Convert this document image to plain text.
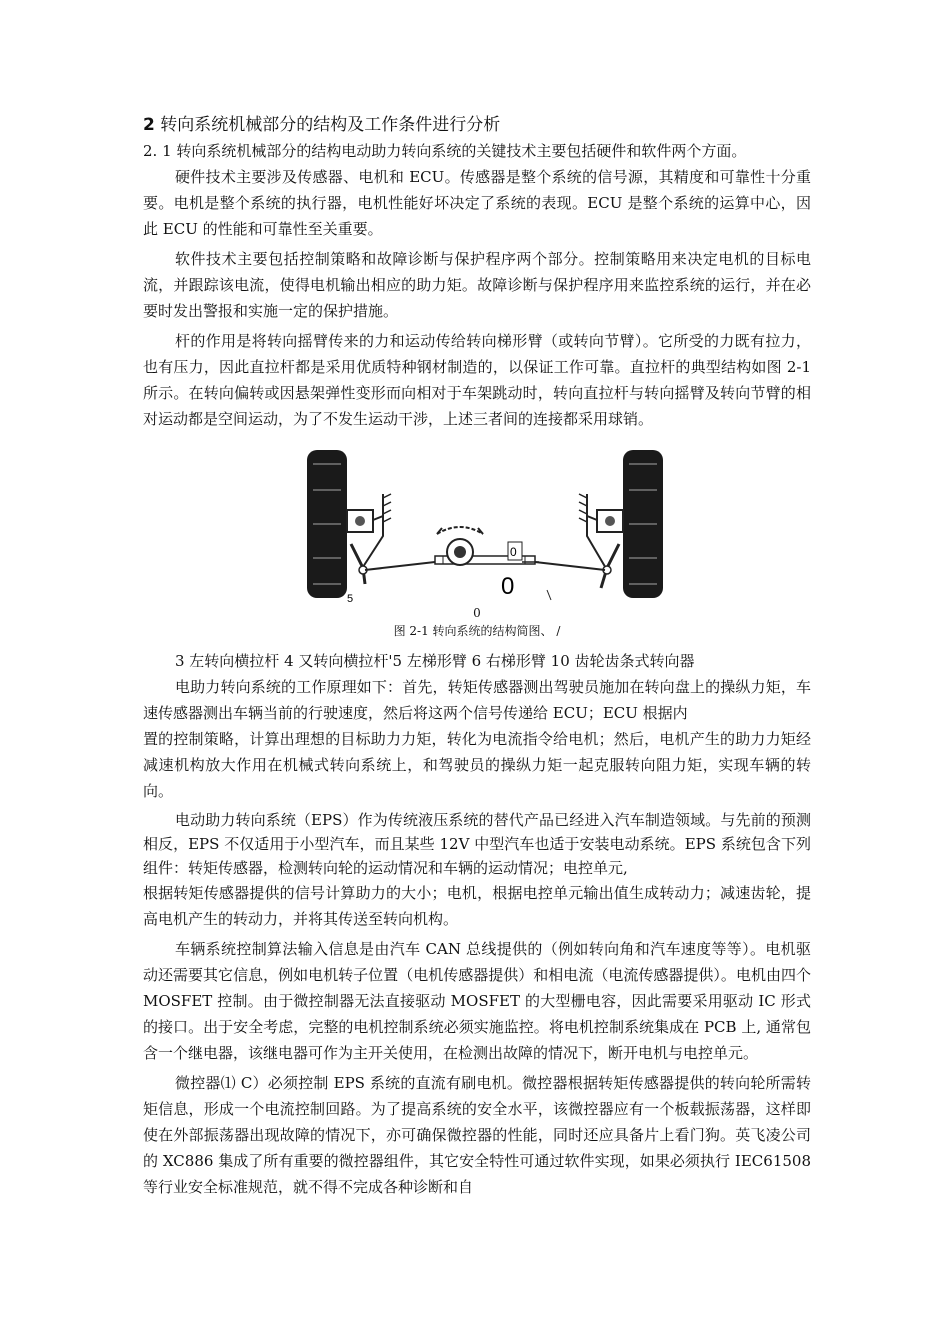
2 转向系统机械部分的结构及工作条件进行分析

2. 1 转向系统机械部分的结构电动助力转向系统的关键技术主要包括硬件和软件两个方面。

硬件技术主要涉及传感器、电机和 ECU。传感器是整个系统的信号源，其精度和可靠性十分重要。电机是整个系统的执行器，电机性能好坏决定了系统的表现。ECU 是整个系统的运算中心，因此 ECU 的性能和可靠性至关重要。

软件技术主要包括控制策略和故障诊断与保护程序两个部分。控制策略用来决定电机的目标电流，并跟踪该电流，使得电机输出相应的助力矩。故障诊断与保护程序用来监控系统的运行，并在必要时发出警报和实施一定的保护措施。

杆的作用是将转向摇臂传来的力和运动传给转向梯形臂（或转向节臂）。它所受的力既有拉力，也有压力，因此直拉杆都是采用优质特种钢材制造的，以保证工作可靠。直拉杆的典型结构如图 2-1 所示。在转向偏转或因悬架弹性变形而向相对于车架跳动时，转向直拉杆与转向摇臂及转向节臂的相对运动都是空间运动，为了不发生运动干涉，上述三者间的连接都采用球销。

0
0
5
0
图 2-1 转向系统的结构简图、 /

3 左转向横拉杆 4 又转向横拉杆'5 左梯形臂 6 右梯形臂 10 齿轮齿条式转向器

电助力转向系统的工作原理如下：首先，转矩传感器测出驾驶员施加在转向盘上的操纵力矩，车速传感器测出车辆当前的行驶速度，然后将这两个信号传递给 ECU；ECU 根据内

置的控制策略，计算出理想的目标助力力矩，转化为电流指令给电机；然后，电机产生的助力力矩经减速机构放大作用在机械式转向系统上，和驾驶员的操纵力矩一起克服转向阻力矩，实现车辆的转向。

电动助力转向系统（EPS）作为传统液压系统的替代产品已经进入汽车制造领域。与先前的预测相反，EPS 不仅适用于小型汽车，而且某些 12V 中型汽车也适于安装电动系统。EPS 系统包含下列组件：转矩传感器，检测转向轮的运动情况和车辆的运动情况；电控单元,

根据转矩传感器提供的信号计算助力的大小；电机，根据电控单元输出值生成转动力；减速齿轮，提高电机产生的转动力，并将其传送至转向机构。

车辆系统控制算法输入信息是由汽车 CAN 总线提供的（例如转向角和汽车速度等等）。电机驱动还需要其它信息，例如电机转子位置（电机传感器提供）和相电流（电流传感器提供）。电机由四个 MOSFET 控制。由于微控制器无法直接驱动 MOSFET 的大型栅电容，因此需要采用驱动 IC 形式的接口。出于安全考虑，完整的电机控制系统必须实施监控。将电机控制系统集成在 PCB 上, 通常包含一个继电器，该继电器可作为主开关使用，在检测出故障的情况下，断开电机与电控单元。

微控器⑴ C）必须控制 EPS 系统的直流有刷电机。微控器根据转矩传感器提供的转向轮所需转矩信息，形成一个电流控制回路。为了提高系统的安全水平，该微控器应有一个板载振荡器，这样即使在外部振荡器出现故障的情况下，亦可确保微控器的性能，同时还应具备片上看门狗。英飞凌公司的 XC886 集成了所有重要的微控器组件，其它安全特性可通过软件实现，如果必须执行 IEC61508 等行业安全标准规范，就不得不完成各种诊断和自
